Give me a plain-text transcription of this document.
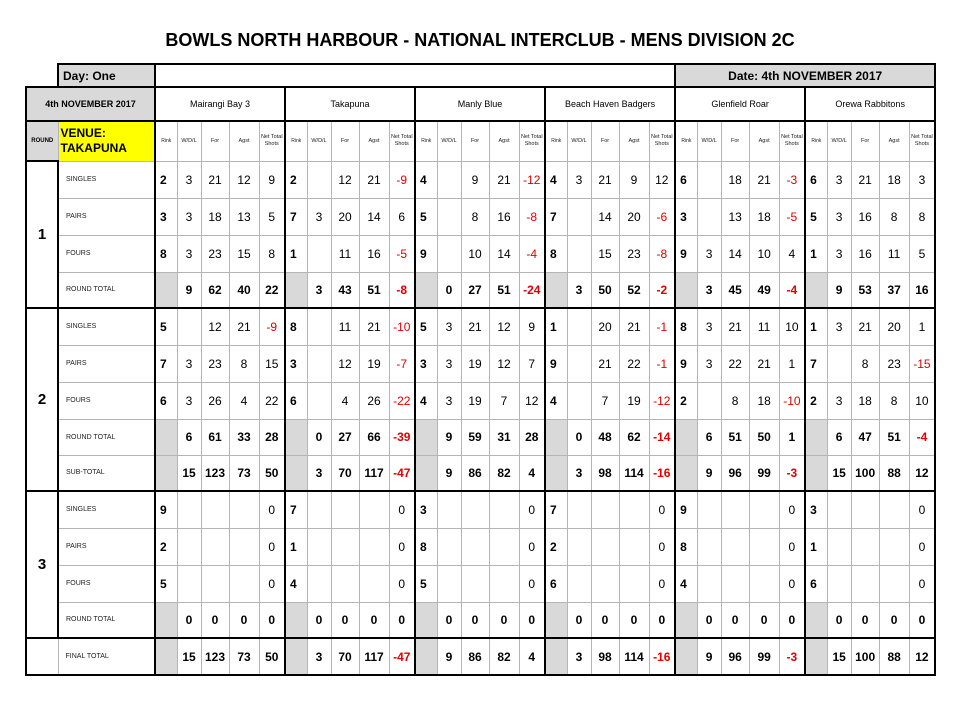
BOWLS NORTH HARBOUR - NATIONAL INTERCLUB - MENS DIVISION 2C
	Day: One																					Date: 4th NOVEMBER 2017									
4th NOVEMBER 2017		Mairangi Bay 3					Takapuna					Manly Blue					Beach Haven Badgers					Glenfield Roar					Orewa Rabbitons				
ROUND	VENUE: TAKAPUNA	Rink	W/D/L	For	Agst	Net Total Shots	Rink	W/D/L	For	Agst	Net Total Shots	Rink	W/D/L	For	Agst	Net Total Shots	Rink	W/D/L	For	Agst	Net Total Shots	Rink	W/D/L	For	Agst	Net Total Shots	Rink	W/D/L	For	Agst	Net Total Shots
1	SINGLES	2	3	21	12	9	2		12	21	-9	4		9	21	-12	4	3	21	9	12	6		18	21	-3	6	3	21	18	3
	PAIRS	3	3	18	13	5	7	3	20	14	6	5		8	16	-8	7		14	20	-6	3		13	18	-5	5	3	16	8	8
	FOURS	8	3	23	15	8	1		11	16	-5	9		10	14	-4	8		15	23	-8	9	3	14	10	4	1	3	16	11	5
	ROUND TOTAL		9	62	40	22		3	43	51	-8		0	27	51	-24		3	50	52	-2		3	45	49	-4		9	53	37	16
2	SINGLES	5		12	21	-9	8		11	21	-10	5	3	21	12	9	1		20	21	-1	8	3	21	11	10	1	3	21	20	1
	PAIRS	7	3	23	8	15	3		12	19	-7	3	3	19	12	7	9		21	22	-1	9	3	22	21	1	7		8	23	-15
	FOURS	6	3	26	4	22	6		4	26	-22	4	3	19	7	12	4		7	19	-12	2		8	18	-10	2	3	18	8	10
	ROUND TOTAL		6	61	33	28		0	27	66	-39		9	59	31	28		0	48	62	-14		6	51	50	1		6	47	51	-4
	SUB-TOTAL		15	123	73	50		3	70	117	-47		9	86	82	4		3	98	114	-16		9	96	99	-3		15	100	88	12
3	SINGLES	9				0	7				0	3				0	7				0	9				0	3				0
	PAIRS	2				0	1				0	8				0	2				0	8				0	1				0
	FOURS	5				0	4				0	5				0	6				0	4				0	6				0
	ROUND TOTAL		0	0	0	0		0	0	0	0		0	0	0	0		0	0	0	0		0	0	0	0		0	0	0	0
	FINAL TOTAL		15	123	73	50		3	70	117	-47		9	86	82	4		3	98	114	-16		9	96	99	-3		15	100	88	12
